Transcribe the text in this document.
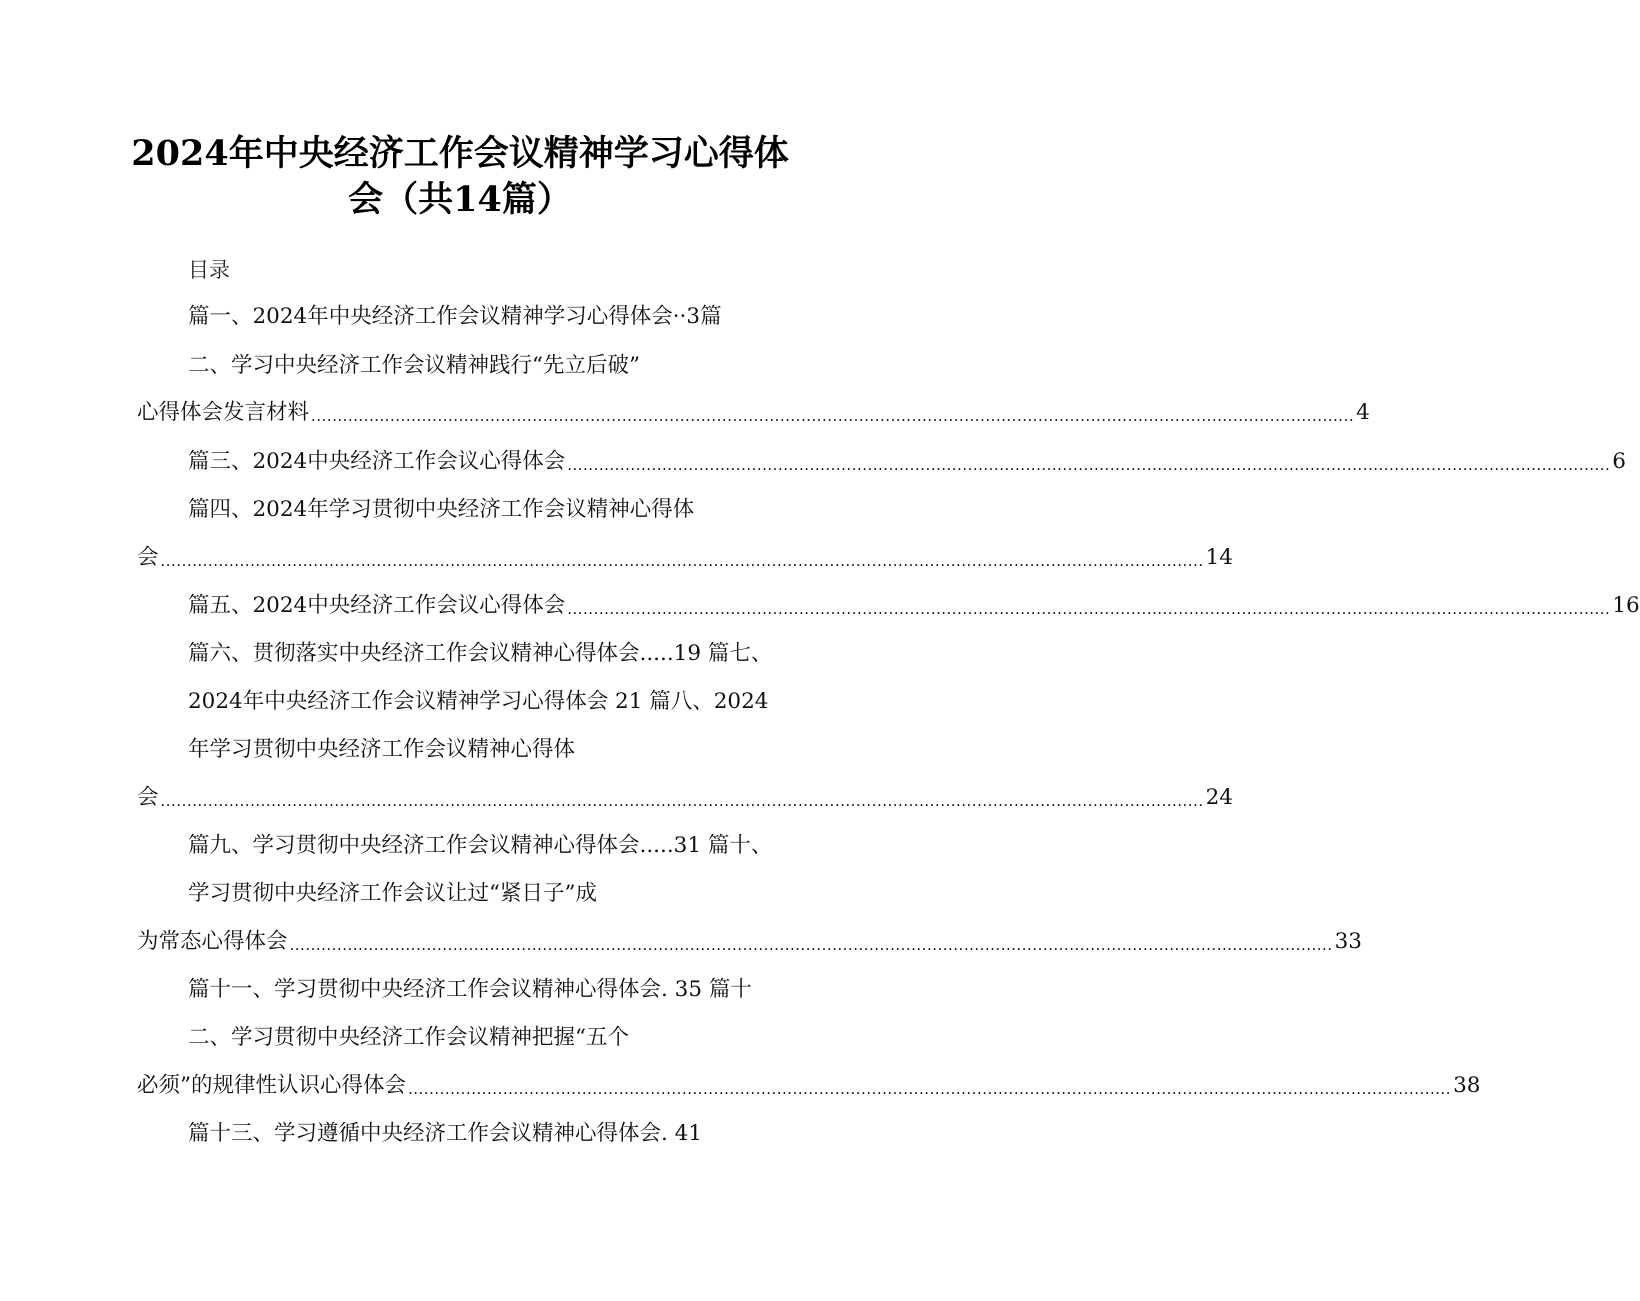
2024年中央经济工作会议精神学习心得体
会（共14篇）
目录
篇一、2024年中央经济工作会议精神学习心得体会··3篇
二、学习中央经济工作会议精神践行“先立后破”
心得体会发言材料 ...................................................................................................................................................................................................... 4
篇三、2024中央经济工作会议心得体会 ...................................................................................................................................................................................................... 6
篇四、2024年学习贯彻中央经济工作会议精神心得体
会 ...................................................................................................................................................................................................... 14
篇五、2024中央经济工作会议心得体会 ...................................................................................................................................................................................................... 16
篇六、贯彻落实中央经济工作会议精神心得体会.....19 篇七、
2024年中央经济工作会议精神学习心得体会 21 篇八、2024
年学习贯彻中央经济工作会议精神心得体
会 ...................................................................................................................................................................................................... 24
篇九、学习贯彻中央经济工作会议精神心得体会.....31 篇十、
学习贯彻中央经济工作会议让过“紧日子”成
为常态心得体会 ...................................................................................................................................................................................................... 33
篇十一、学习贯彻中央经济工作会议精神心得体会. 35 篇十
二、学习贯彻中央经济工作会议精神把握“五个
必须”的规律性认识心得体会 ...................................................................................................................................................................................................... 38
篇十三、学习遵循中央经济工作会议精神心得体会. 41
